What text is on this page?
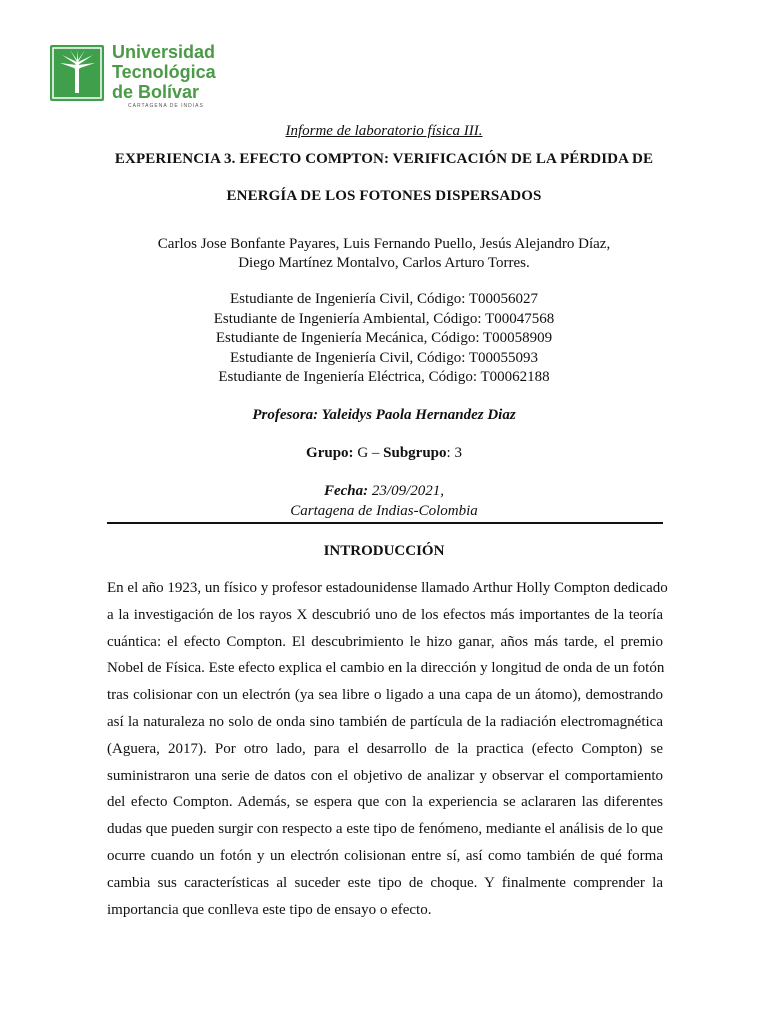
Universidad
Tecnológica
de Bolívar
CARTAGENA DE INDIAS
Informe de laboratorio física III.
EXPERIENCIA 3. EFECTO COMPTON: VERIFICACIÓN DE LA PÉRDIDA DE
ENERGÍA DE LOS FOTONES DISPERSADOS
Carlos Jose Bonfante Payares, Luis Fernando Puello, Jesús Alejandro Díaz,
Diego Martínez Montalvo, Carlos Arturo Torres.
Estudiante de Ingeniería Civil, Código: T00056027
Estudiante de Ingeniería Ambiental, Código: T00047568
Estudiante de Ingeniería Mecánica, Código: T00058909
Estudiante de Ingeniería Civil, Código: T00055093
Estudiante de Ingeniería Eléctrica, Código: T00062188
Profesora: Yaleidys Paola Hernandez Diaz
Grupo: G – Subgrupo: 3
Fecha: 23/09/2021,
Cartagena de Indias-Colombia
INTRODUCCIÓN
En el año 1923, un físico y profesor estadounidense llamado Arthur Holly Compton dedicado
a la investigación de los rayos X descubrió uno de los efectos más importantes de la teoría
cuántica: el efecto Compton. El descubrimiento le hizo ganar, años más tarde, el premio
Nobel de Física. Este efecto explica el cambio en la dirección y longitud de onda de un fotón
tras colisionar con un electrón (ya sea libre o ligado a una capa de un átomo), demostrando
así la naturaleza no solo de onda sino también de partícula de la radiación electromagnética
(Aguera, 2017). Por otro lado, para el desarrollo de la practica (efecto Compton) se
suministraron una serie de datos con el objetivo de analizar y observar el comportamiento
del efecto Compton. Además, se espera que con la experiencia se aclararen las diferentes
dudas que pueden surgir con respecto a este tipo de fenómeno, mediante el análisis de lo que
ocurre cuando un fotón y un electrón colisionan entre sí, así como también de qué forma
cambia sus características al suceder este tipo de choque. Y finalmente comprender la
importancia que conlleva este tipo de ensayo o efecto.
